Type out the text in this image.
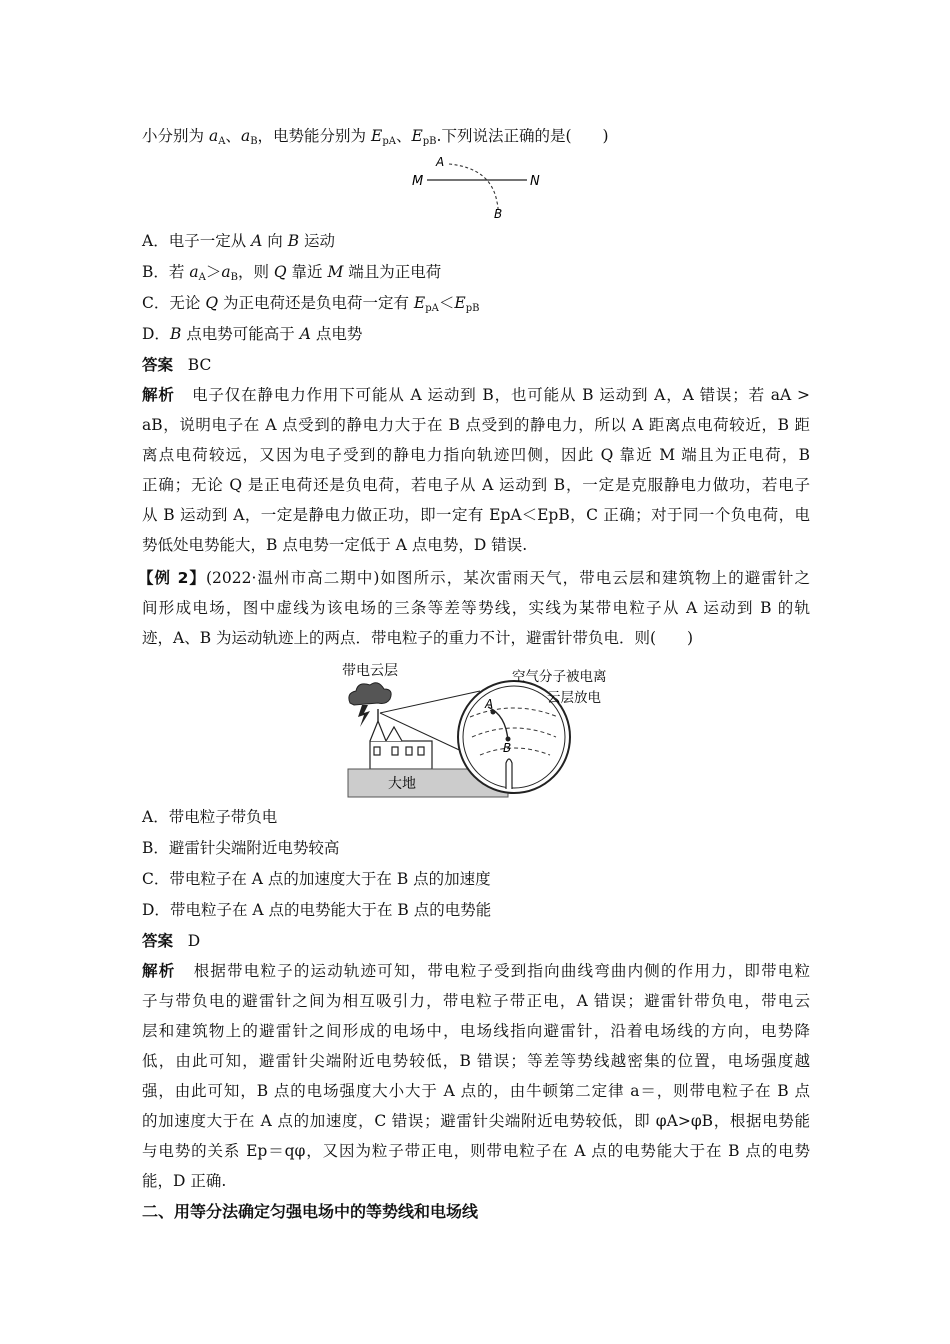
小分别为 $a_A$、$a_B$，电势能分别为 $E_{pA}$、$E_{pB}$.下列说法正确的是(　　)
M	N
A
B
A．电子一定从 A 向 B 运动
B．若 $a_A>a_B$，则 Q 靠近 M 端且为正电荷
C．无论 Q 为正电荷还是负电荷一定有 $E_{pA}<E_{pB}$
D．B 点电势可能高于 A 点电势
答案 BC
解析 电子仅在静电力作用下可能从 A 运动到 B，也可能从 B 运动到 A，A 错误；若 aA >
aB，说明电子在 A 点受到的静电力大于在 B 点受到的静电力，所以 A 距离点电荷较近，B 距
离点电荷较远，又因为电子受到的静电力指向轨迹凹侧，因此 Q 靠近 M 端且为正电荷，B
正确；无论 Q 是正电荷还是负电荷，若电子从 A 运动到 B，一定是克服静电力做功，若电子
从 B 运动到 A，一定是静电力做正功，即一定有 EpA＜EpB，C 正确；对于同一个负电荷，电
势低处电势能大，B 点电势一定低于 A 点电势，D 错误.
【例 2】(2022·温州市高二期中)如图所示，某次雷雨天气，带电云层和建筑物上的避雷针之
间形成电场，图中虚线为该电场的三条等差等势线，实线为某带电粒子从 A 运动到 B 的轨
迹，A、B 为运动轨迹上的两点．带电粒子的重力不计，避雷针带负电．则(　　)
带电云层
大地
A
B
空气分子被电离
云层放电
A．带电粒子带负电
B．避雷针尖端附近电势较高
C．带电粒子在 A 点的加速度大于在 B 点的加速度
D．带电粒子在 A 点的电势能大于在 B 点的电势能
答案 D
解析 根据带电粒子的运动轨迹可知，带电粒子受到指向曲线弯曲内侧的作用力，即带电粒
子与带负电的避雷针之间为相互吸引力，带电粒子带正电，A 错误；避雷针带负电，带电云
层和建筑物上的避雷针之间形成的电场中，电场线指向避雷针，沿着电场线的方向，电势降
低，由此可知，避雷针尖端附近电势较低，B 错误；等差等势线越密集的位置，电场强度越
强，由此可知，B 点的电场强度大小大于 A 点的，由牛顿第二定律 a＝，则带电粒子在 B 点
的加速度大于在 A 点的加速度，C 错误；避雷针尖端附近电势较低，即 φA>φB，根据电势能
与电势的关系 Ep＝qφ，又因为粒子带正电，则带电粒子在 A 点的电势能大于在 B 点的电势
能，D 正确.
二、用等分法确定匀强电场中的等势线和电场线
